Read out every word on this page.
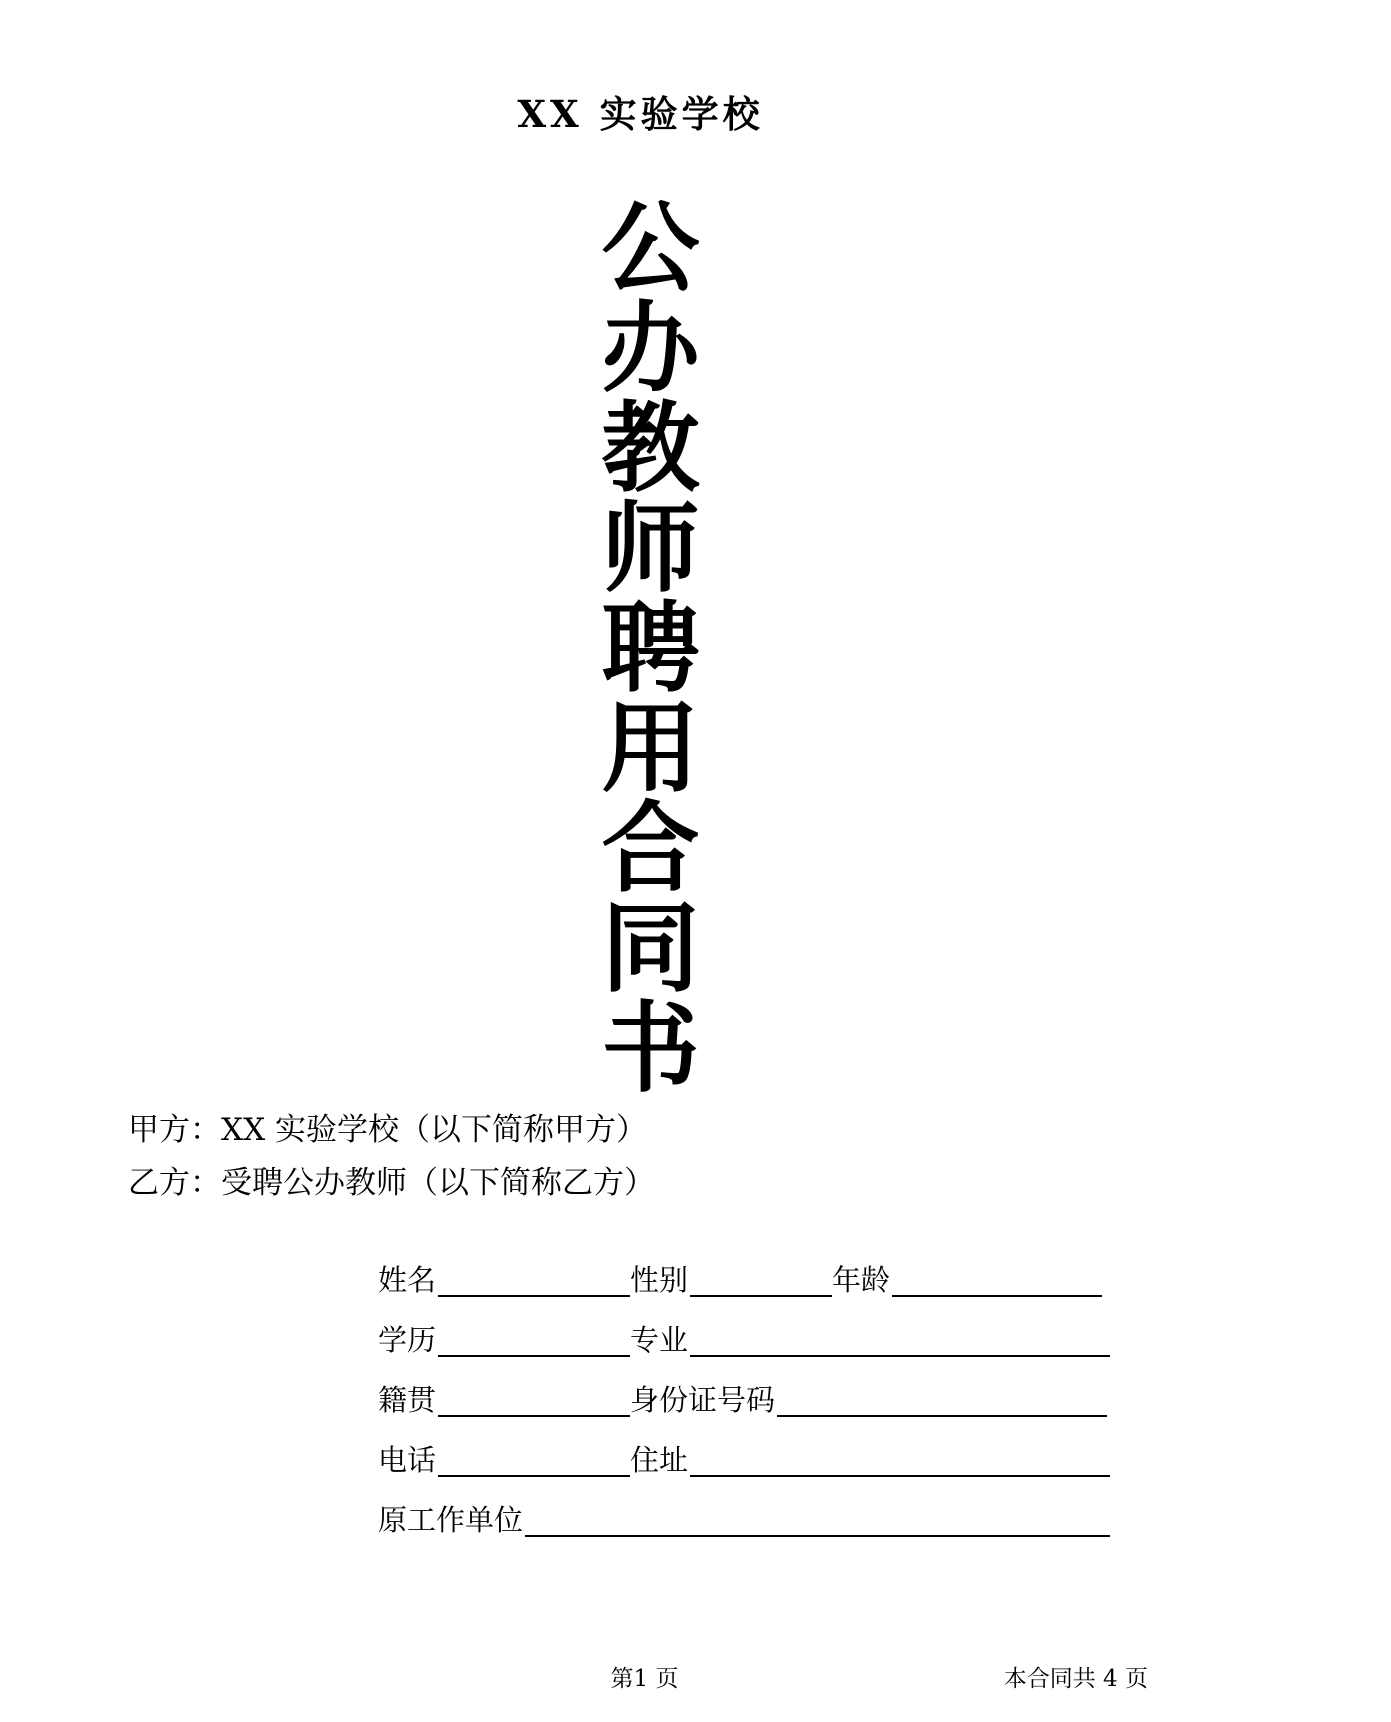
XX 实验学校
公办教师聘用合同书
甲方：XX 实验学校（以下简称甲方）
乙方：受聘公办教师（以下简称乙方）
姓名	性别	年龄
学历	专业
籍贯	身份证号码
电话	住址
原工作单位
第1 页	本合同共 4 页
